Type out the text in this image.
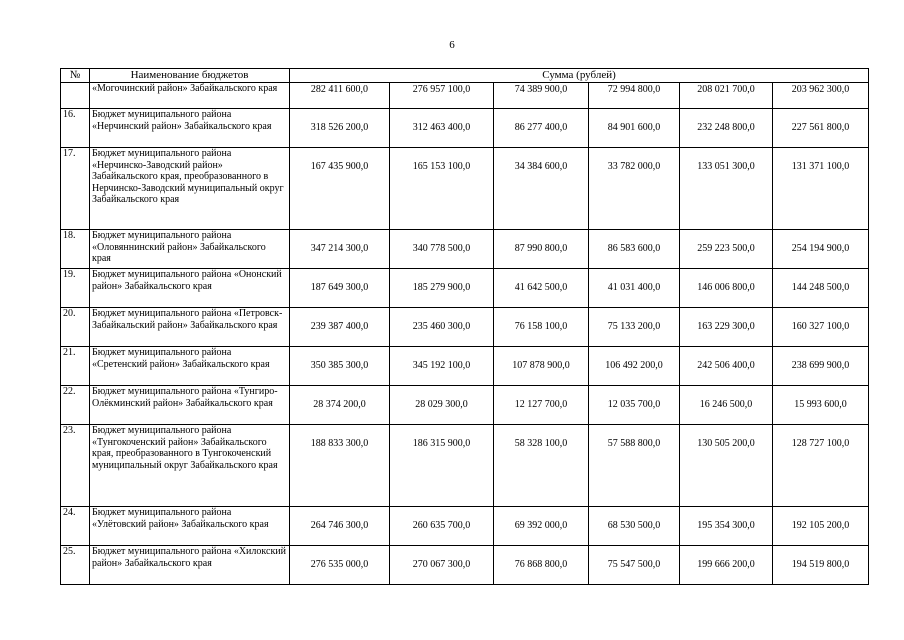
6
№	Наименование бюджетов	Сумма (рублей)					
	«Могочинский район» Забайкальского края	282 411 600,0	276 957 100,0	74 389 900,0	72 994 800,0	208 021 700,0	203 962 300,0
16.	Бюджет муниципального района «Нерчинский район» Забайкальского края	318 526 200,0	312 463 400,0	86 277 400,0	84 901 600,0	232 248 800,0	227 561 800,0
17.	Бюджет муниципального района «Нерчинско-Заводский район» Забайкальского края, преобразованного в Нерчинско-Заводский муниципальный округ Забайкальского края	167 435 900,0	165 153 100,0	34 384 600,0	33 782 000,0	133 051 300,0	131 371 100,0
18.	Бюджет муниципального района «Оловяннинский район» Забайкальского края	347 214 300,0	340 778 500,0	87 990 800,0	86 583 600,0	259 223 500,0	254 194 900,0
19.	Бюджет муниципального района «Ононский район» Забайкальского края	187 649 300,0	185 279 900,0	41 642 500,0	41 031 400,0	146 006 800,0	144 248 500,0
20.	Бюджет муниципального района «Петровск-Забайкальский район» Забайкальского края	239 387 400,0	235 460 300,0	76 158 100,0	75 133 200,0	163 229 300,0	160 327 100,0
21.	Бюджет муниципального района «Сретенский район» Забайкальского края	350 385 300,0	345 192 100,0	107 878 900,0	106 492 200,0	242 506 400,0	238 699 900,0
22.	Бюджет муниципального района «Тунгиро-Олёкминский район» Забайкальского края	28 374 200,0	28 029 300,0	12 127 700,0	12 035 700,0	16 246 500,0	15 993 600,0
23.	Бюджет муниципального района «Тунгокоченский район» Забайкальского края, преобразованного в Тунгокоченский муниципальный округ Забайкальского края	188 833 300,0	186 315 900,0	58 328 100,0	57 588 800,0	130 505 200,0	128 727 100,0
24.	Бюджет муниципального района «Улётовский район» Забайкальского края	264 746 300,0	260 635 700,0	69 392 000,0	68 530 500,0	195 354 300,0	192 105 200,0
25.	Бюджет муниципального района «Хилокский район» Забайкальского края	276 535 000,0	270 067 300,0	76 868 800,0	75 547 500,0	199 666 200,0	194 519 800,0
